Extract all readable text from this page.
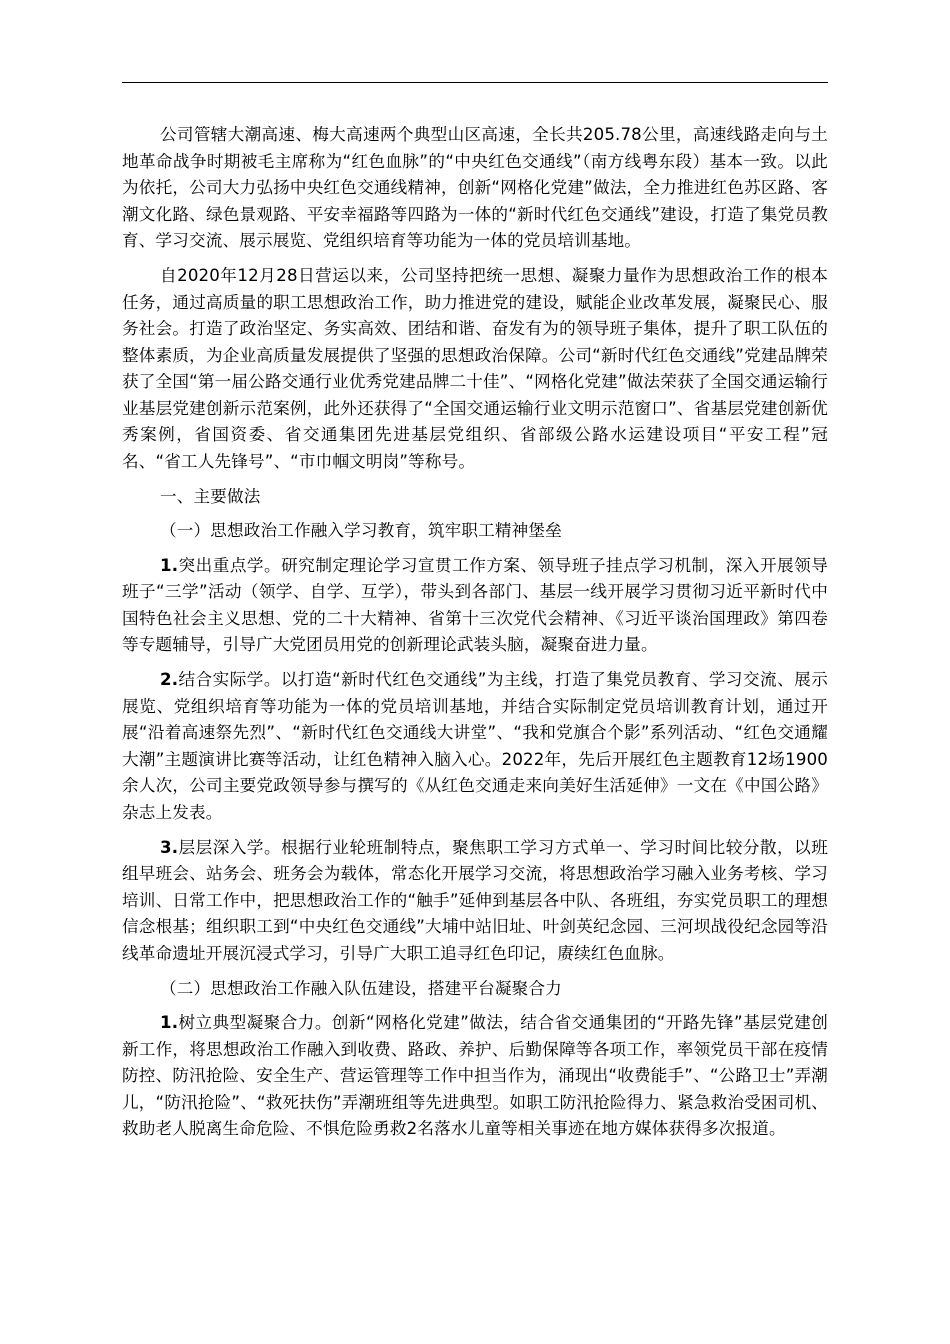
公司管辖大潮高速、梅大高速两个典型山区高速，全长共205.78公里，高速线路走向与土地革命战争时期被毛主席称为“红色血脉”的“中央红色交通线”（南方线粤东段）基本一致。以此为依托，公司大力弘扬中央红色交通线精神，创新“网格化党建”做法，全力推进红色苏区路、客潮文化路、绿色景观路、平安幸福路等四路为一体的“新时代红色交通线”建设，打造了集党员教育、学习交流、展示展览、党组织培育等功能为一体的党员培训基地。

自2020年12月28日营运以来，公司坚持把统一思想、凝聚力量作为思想政治工作的根本任务，通过高质量的职工思想政治工作，助力推进党的建设，赋能企业改革发展，凝聚民心、服务社会。打造了政治坚定、务实高效、团结和谐、奋发有为的领导班子集体，提升了职工队伍的整体素质，为企业高质量发展提供了坚强的思想政治保障。公司“新时代红色交通线”党建品牌荣获了全国“第一届公路交通行业优秀党建品牌二十佳”、“网格化党建”做法荣获了全国交通运输行业基层党建创新示范案例，此外还获得了“全国交通运输行业文明示范窗口”、省基层党建创新优秀案例，省国资委、省交通集团先进基层党组织、省部级公路水运建设项目“平安工程”冠名、“省工人先锋号”、“市巾帼文明岗”等称号。

一、主要做法

（一）思想政治工作融入学习教育，筑牢职工精神堡垒

1.突出重点学。研究制定理论学习宣贯工作方案、领导班子挂点学习机制，深入开展领导班子“三学”活动（领学、自学、互学），带头到各部门、基层一线开展学习贯彻习近平新时代中国特色社会主义思想、党的二十大精神、省第十三次党代会精神、《习近平谈治国理政》第四卷等专题辅导，引导广大党团员用党的创新理论武装头脑，凝聚奋进力量。

2.结合实际学。以打造“新时代红色交通线”为主线，打造了集党员教育、学习交流、展示展览、党组织培育等功能为一体的党员培训基地，并结合实际制定党员培训教育计划，通过开展“沿着高速祭先烈”、“新时代红色交通线大讲堂”、“我和党旗合个影”系列活动、“红色交通耀大潮”主题演讲比赛等活动，让红色精神入脑入心。2022年，先后开展红色主题教育12场1900余人次，公司主要党政领导参与撰写的《从红色交通走来向美好生活延伸》一文在《中国公路》杂志上发表。

3.层层深入学。根据行业轮班制特点，聚焦职工学习方式单一、学习时间比较分散，以班组早班会、站务会、班务会为载体，常态化开展学习交流，将思想政治学习融入业务考核、学习培训、日常工作中，把思想政治工作的“触手”延伸到基层各中队、各班组，夯实党员职工的理想信念根基；组织职工到“中央红色交通线”大埔中站旧址、叶剑英纪念园、三河坝战役纪念园等沿线革命遗址开展沉浸式学习，引导广大职工追寻红色印记，赓续红色血脉。

（二）思想政治工作融入队伍建设，搭建平台凝聚合力

1.树立典型凝聚合力。创新“网格化党建”做法，结合省交通集团的“开路先锋”基层党建创新工作，将思想政治工作融入到收费、路政、养护、后勤保障等各项工作，率领党员干部在疫情防控、防汛抢险、安全生产、营运管理等工作中担当作为，涌现出“收费能手”、“公路卫士”弄潮儿，“防汛抢险”、“救死扶伤”弄潮班组等先进典型。如职工防汛抢险得力、紧急救治受困司机、救助老人脱离生命危险、不惧危险勇救2名落水儿童等相关事迹在地方媒体获得多次报道。
